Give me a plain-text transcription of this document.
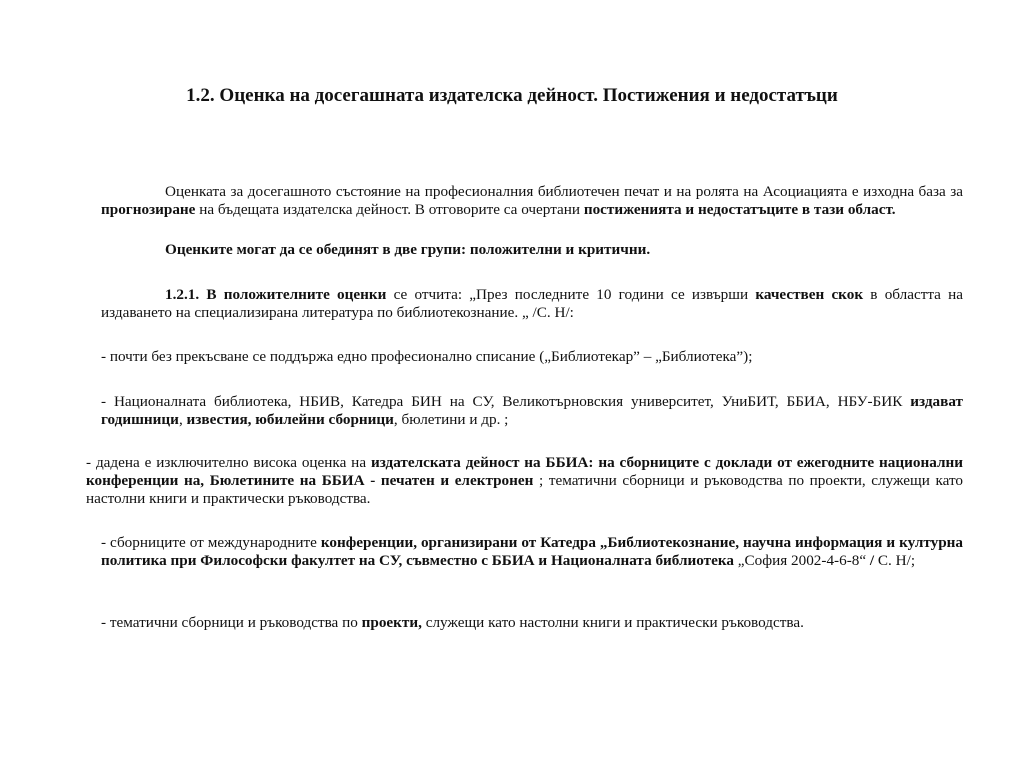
1.2. Оценка на досегашната издателска дейност. Постижения и недостатъци

Оценката за досегашното състояние на професионалния библиотечен печат и на ролята на Асоциацията е изходна база за прогнозиране на бъдещата издателска дейност. В отговорите са очертани постиженията и недостатъците в тази област.

Оценките могат да се обединят в две групи: положителни и критични.

1.2.1. В положителните оценки се отчита: „През последните 10 години се извърши качествен скок в областта на издаването на специализирана литература по библиотекознание. „ /С. Н/:

- почти без прекъсване се поддържа едно професионално списание („Библиотекар” – „Библиотека”);

- Националната библиотека, НБИВ, Катедра БИН на СУ, Великотърновския университет, УниБИТ, ББИА, НБУ-БИК издават годишници, известия, юбилейни сборници, бюлетини и др. ;

- дадена е изключително висока оценка на издателската дейност на ББИА: на сборниците с доклади от ежегодните национални конференции на, Бюлетините на ББИА - печатен и електронен ; тематични сборници и ръководства по проекти, служещи като настолни книги и практически ръководства.

- сборниците от международните конференции, организирани от Катедра „Библиотекознание, научна информация и културна политика при Философски факултет на СУ, съвместно с ББИА и Националната библиотека „София 2002-4-6-8“ / С. Н/;

- тематични сборници и ръководства по проекти, служещи като настолни книги и практически ръководства.
